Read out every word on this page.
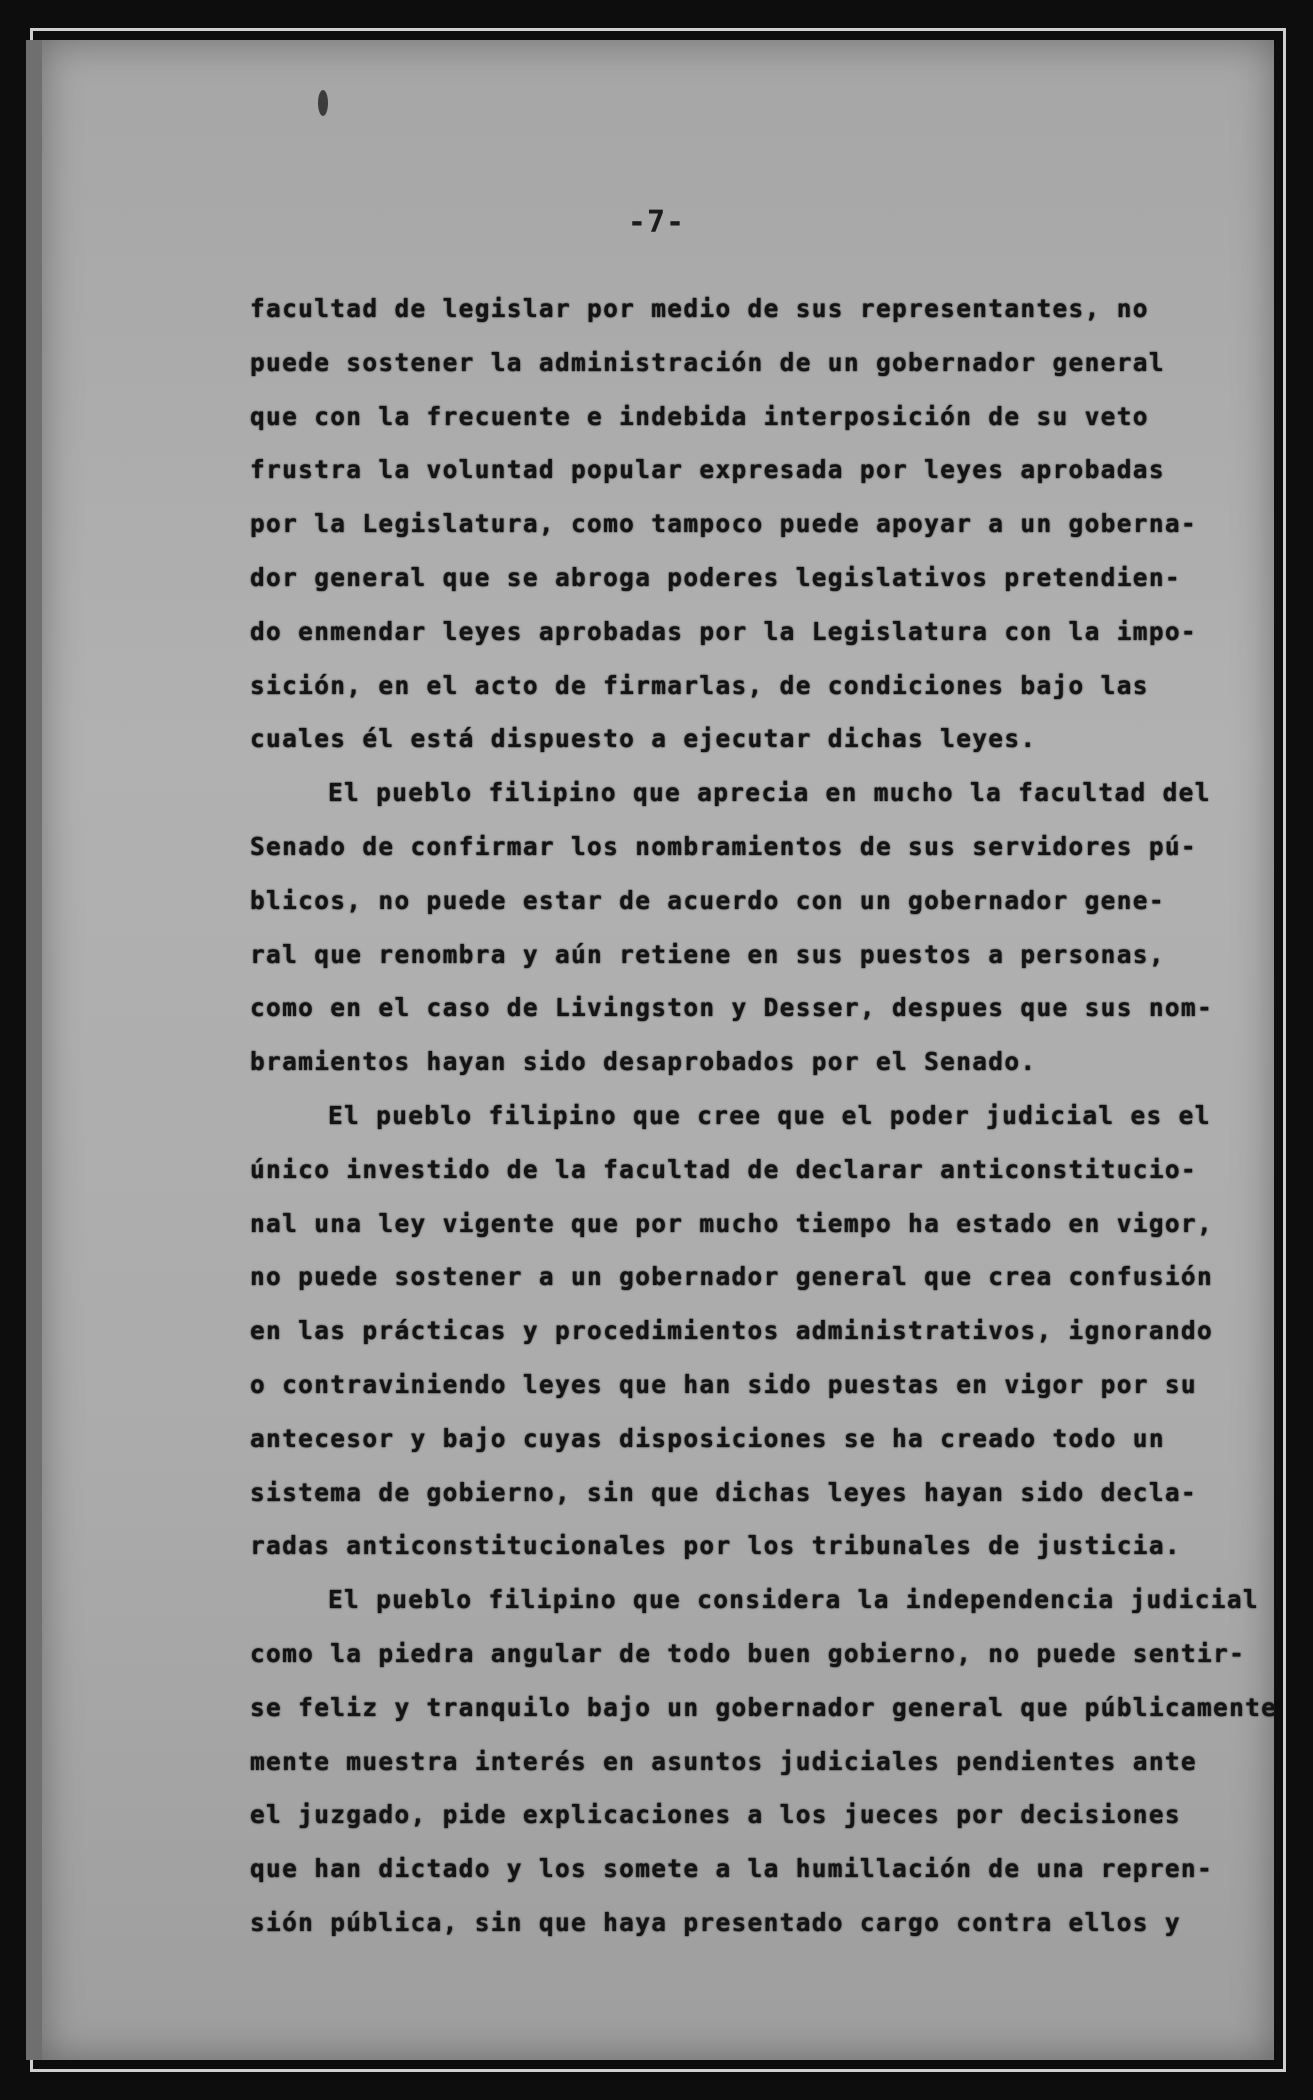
-7-
facultad de legislar por medio de sus representantes, no
puede sostener la administración de un gobernador general
que con la frecuente e indebida interposición de su veto
frustra la voluntad popular expresada por leyes aprobadas
por la Legislatura, como tampoco puede apoyar a un goberna-
dor general que se abroga poderes legislativos pretendien-
do enmendar leyes aprobadas por la Legislatura con la impo-
sición, en el acto de firmarlas, de condiciones bajo las
cuales él está dispuesto a ejecutar dichas leyes.
El pueblo filipino que aprecia en mucho la facultad del
Senado de confirmar los nombramientos de sus servidores pú-
blicos, no puede estar de acuerdo con un gobernador gene-
ral que renombra y aún retiene en sus puestos a personas,
como en el caso de Livingston y Desser, despues que sus nom-
bramientos hayan sido desaprobados por el Senado.
El pueblo filipino que cree que el poder judicial es el
único investido de la facultad de declarar anticonstitucio-
nal una ley vigente que por mucho tiempo ha estado en vigor,
no puede sostener a un gobernador general que crea confusión
en las prácticas y procedimientos administrativos, ignorando
o contraviniendo leyes que han sido puestas en vigor por su
antecesor y bajo cuyas disposiciones se ha creado todo un
sistema de gobierno, sin que dichas leyes hayan sido decla-
radas anticonstitucionales por los tribunales de justicia.
El pueblo filipino que considera la independencia judicial
como la piedra angular de todo buen gobierno, no puede sentir-
se feliz y tranquilo bajo un gobernador general que públicamente
mente muestra interés en asuntos judiciales pendientes ante
el juzgado, pide explicaciones a los jueces por decisiones
que han dictado y los somete a la humillación de una repren-
sión pública, sin que haya presentado cargo contra ellos y
